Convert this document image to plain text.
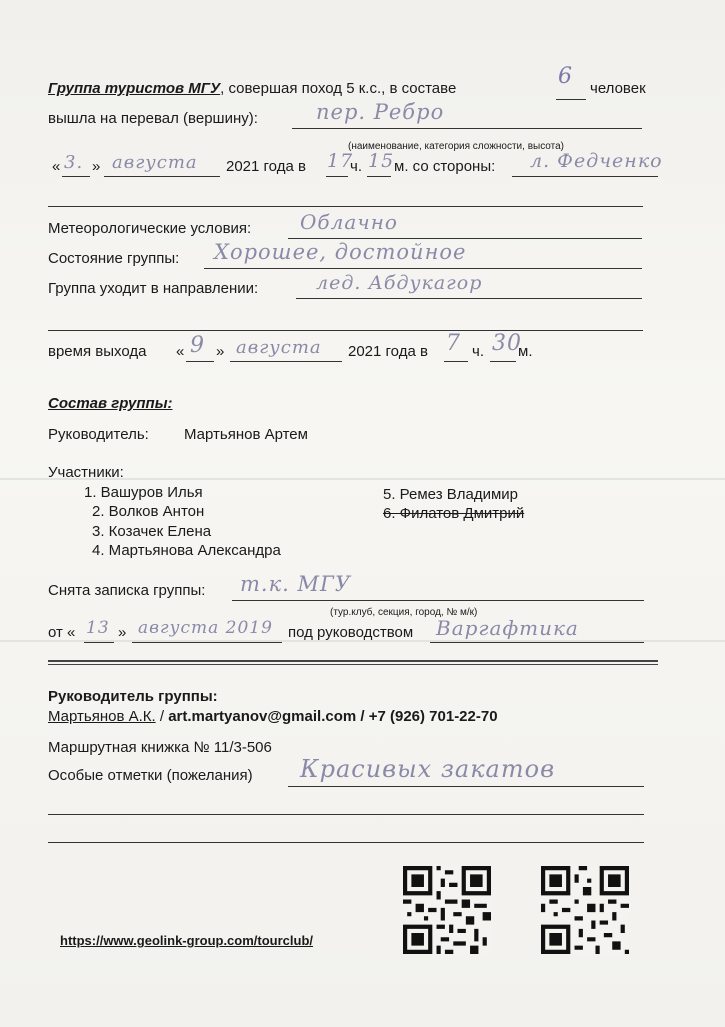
Группа туристов МГУ, совершая поход 5 к.с., в составе	6 человек
вышла на перевал (вершину):	пер. Ребро
(наименование, категория сложности, высота)
« 3. » августа 2021 года в 17
ч. 15 м. со стороны: л. Федченко
Метеорологические условия: Облачно
Состояние группы: Хорошее, достойное
Группа уходит в направлении:	лед. Абдукагор
время выхода « 9 » августа 2021 года в 7 ч. 30
м.
Состав группы:
Руководитель: Мартьянов Артем
Участники:
1. Вашуров Илья
2. Волков Антон
3. Козачек Елена
4. Мартьянова Александра
5. Ремез Владимир
6. Филатов Дмитрий
Снята записка группы: т.к. МГУ
(тур.клуб, секция, город, № м/к)
от « 13 » августа 2019 под руководством Варгафтика
Руководитель группы:
Мартьянов А.К. / art.martyanov@gmail.com / +7 (926) 701-22-70
Маршрутная книжка № 11/3-506
Особые отметки (пожелания) Красивых закатов
https://www.geolink-group.com/tourclub/
